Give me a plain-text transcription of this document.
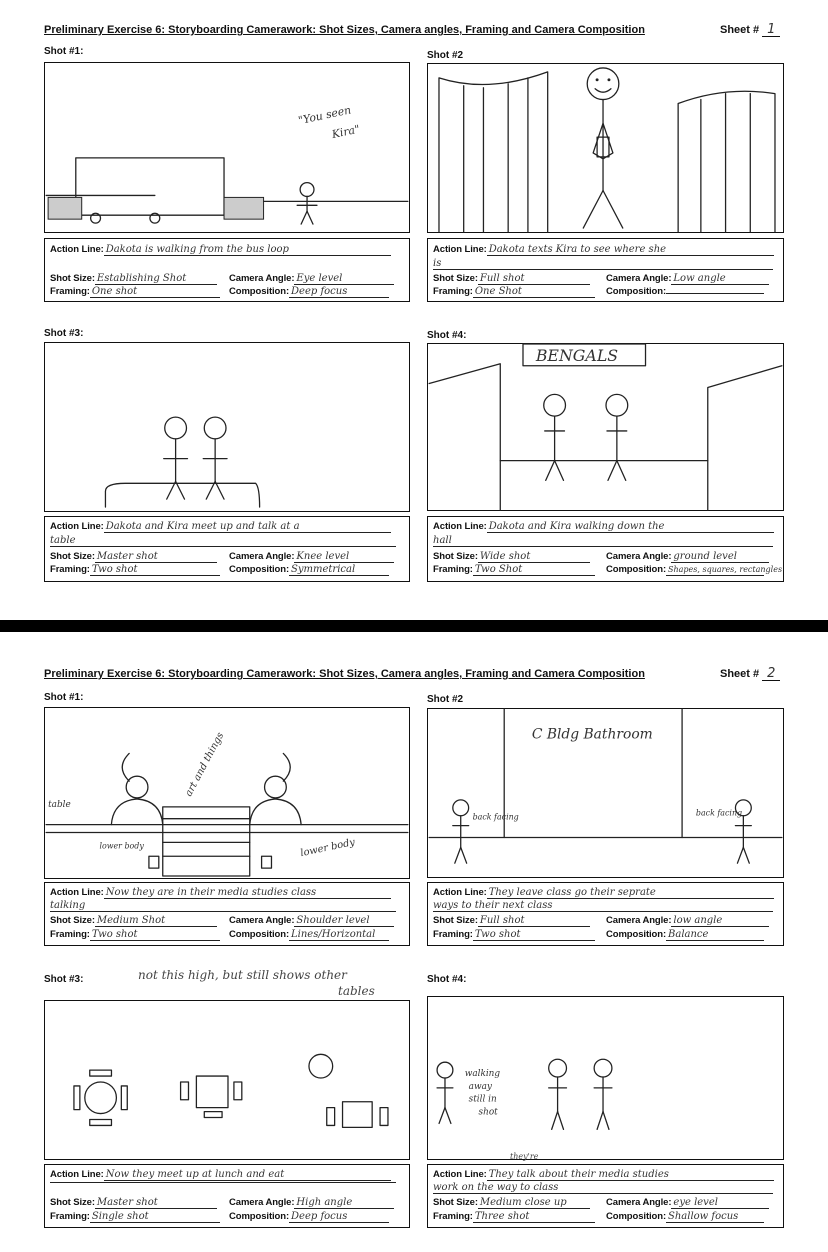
Preliminary Exercise 6: Storyboarding Camerawork: Shot Sizes, Camera angles, Framing and Camera Composition	Sheet # 1
Shot #1:
"You seen
Kira"
Action Line: Dakota is walking from the bus loop
Shot Size: Establishing Shot	Camera Angle: Eye level
Framing: One shot	Composition: Deep focus
Shot #2
Action Line: Dakota texts Kira to see where she
is
Shot Size: Full shot	Camera Angle: Low angle
Framing: One Shot	Composition:
Shot #3:
Action Line: Dakota and Kira meet up and talk at a
table
Shot Size: Master shot	Camera Angle: Knee level
Framing: Two shot	Composition: Symmetrical
Shot #4:
BENGALS
Action Line: Dakota and Kira walking down the
hall
Shot Size: Wide shot	Camera Angle: ground level
Framing: Two Shot	Composition: Shapes, squares, rectangles
Preliminary Exercise 6: Storyboarding Camerawork: Shot Sizes, Camera angles, Framing and Camera Composition	Sheet # 2
Shot #1:
art and things
table
lower body	lower body
Action Line: Now they are in their media studies class
talking
Shot Size: Medium Shot	Camera Angle: Shoulder level
Framing: Two shot	Composition: Lines/Horizontal
Shot #2
C Bldg Bathroom
back facing	back facing
Action Line: They leave class go their seprate
ways to their next class
Shot Size: Full shot	Camera Angle: low angle
Framing: Two shot	Composition: Balance
Shot #3:	not this high, but still shows other
tables
Action Line: Now they meet up at lunch and eat
Shot Size: Master shot	Camera Angle: High angle
Framing: Single shot	Composition: Deep focus
Shot #4:
walking
away
still in
shot
they're
Action Line: They talk about their media studies
work on the way to class
Shot Size: Medium close up	Camera Angle: eye level
Framing: Three shot	Composition: Shallow focus
